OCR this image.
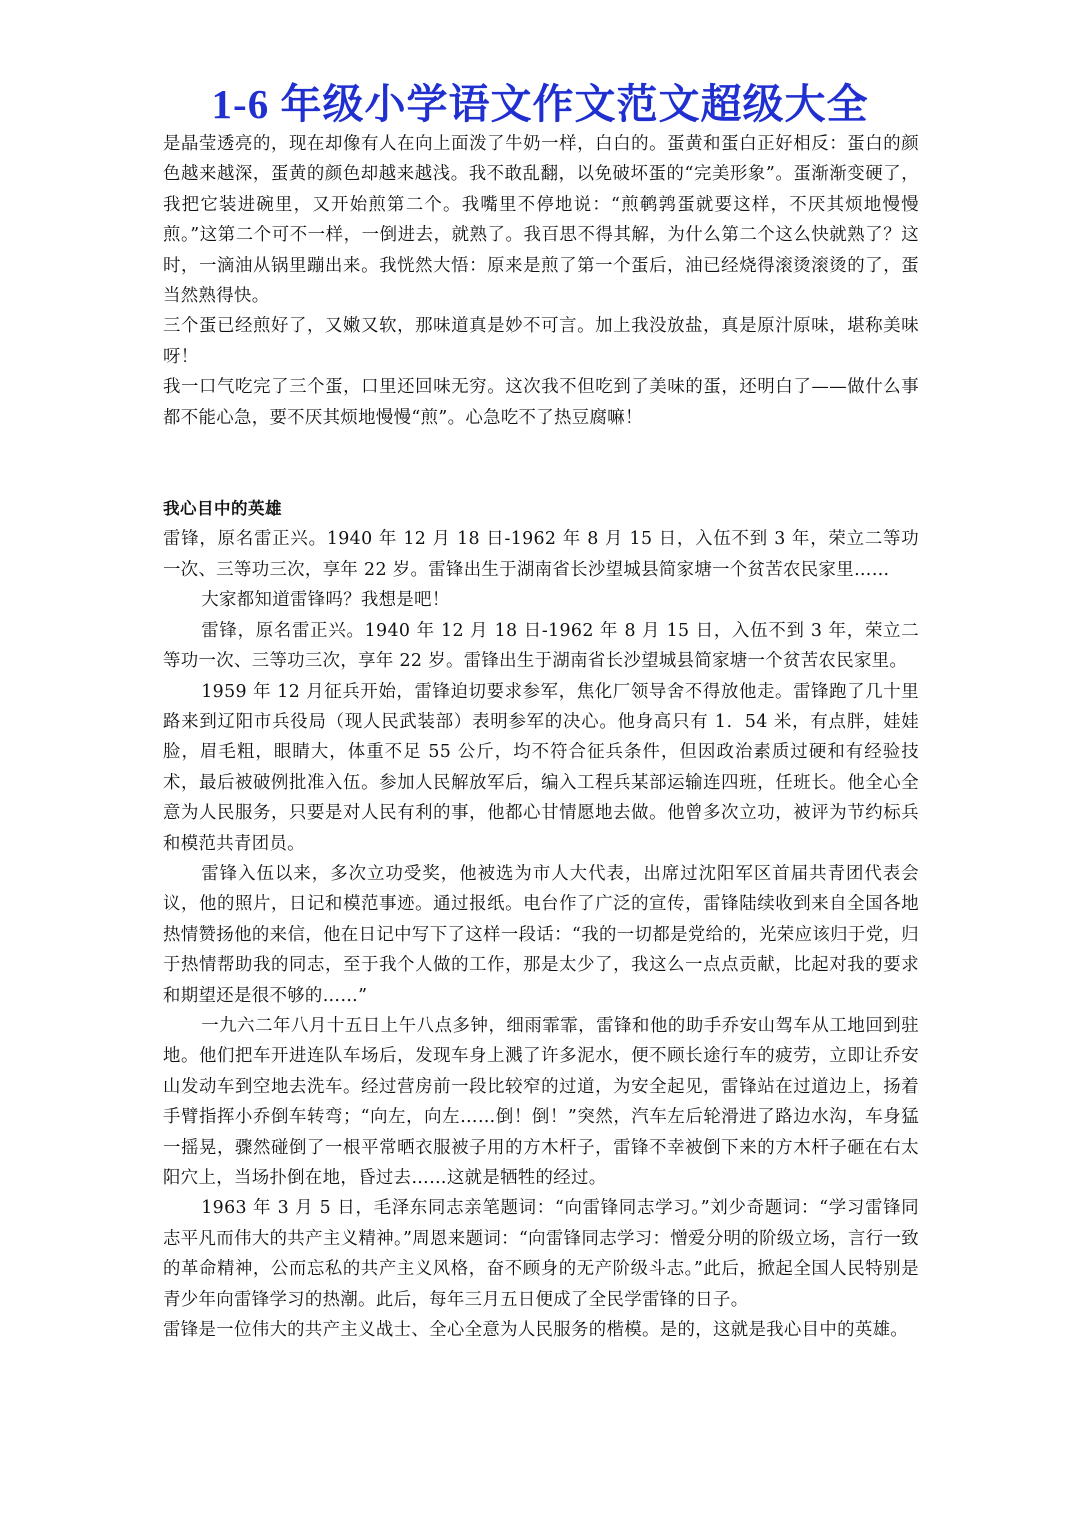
1-6 年级小学语文作文范文超级大全

是晶莹透亮的，现在却像有人在向上面泼了牛奶一样，白白的。蛋黄和蛋白正好相反：蛋白的颜色越来越深，蛋黄的颜色却越来越浅。我不敢乱翻，以免破坏蛋的“完美形象”。蛋渐渐变硬了，我把它装进碗里，又开始煎第二个。我嘴里不停地说：“煎鹌鹑蛋就要这样，不厌其烦地慢慢煎。”这第二个可不一样，一倒进去，就熟了。我百思不得其解，为什么第二个这么快就熟了？这时，一滴油从锅里蹦出来。我恍然大悟：原来是煎了第一个蛋后，油已经烧得滚烫滚烫的了，蛋当然熟得快。

三个蛋已经煎好了，又嫩又软，那味道真是妙不可言。加上我没放盐，真是原汁原味，堪称美味呀！

我一口气吃完了三个蛋，口里还回味无穷。这次我不但吃到了美味的蛋，还明白了——做什么事都不能心急，要不厌其烦地慢慢“煎”。心急吃不了热豆腐嘛！

我心目中的英雄

雷锋，原名雷正兴。1940 年 12 月 18 日-1962 年 8 月 15 日，入伍不到 3 年，荣立二等功一次、三等功三次，享年 22 岁。雷锋出生于湖南省长沙望城县简家塘一个贫苦农民家里……

大家都知道雷锋吗？我想是吧！

雷锋，原名雷正兴。1940 年 12 月 18 日-1962 年 8 月 15 日，入伍不到 3 年，荣立二等功一次、三等功三次，享年 22 岁。雷锋出生于湖南省长沙望城县简家塘一个贫苦农民家里。

1959 年 12 月征兵开始，雷锋迫切要求参军，焦化厂领导舍不得放他走。雷锋跑了几十里路来到辽阳市兵役局（现人民武装部）表明参军的决心。他身高只有 1．54 米，有点胖，娃娃脸，眉毛粗，眼睛大，体重不足 55 公斤，均不符合征兵条件，但因政治素质过硬和有经验技术，最后被破例批准入伍。参加人民解放军后，编入工程兵某部运输连四班，任班长。他全心全意为人民服务，只要是对人民有利的事，他都心甘情愿地去做。他曾多次立功，被评为节约标兵和模范共青团员。

雷锋入伍以来，多次立功受奖，他被选为市人大代表，出席过沈阳军区首届共青团代表会议，他的照片，日记和模范事迹。通过报纸。电台作了广泛的宣传，雷锋陆续收到来自全国各地热情赞扬他的来信，他在日记中写下了这样一段话：“我的一切都是党给的，光荣应该归于党，归于热情帮助我的同志，至于我个人做的工作，那是太少了，我这么一点点贡献，比起对我的要求和期望还是很不够的……”

一九六二年八月十五日上午八点多钟，细雨霏霏，雷锋和他的助手乔安山驾车从工地回到驻地。他们把车开进连队车场后，发现车身上溅了许多泥水，便不顾长途行车的疲劳，立即让乔安山发动车到空地去洗车。经过营房前一段比较窄的过道，为安全起见，雷锋站在过道边上，扬着手臂指挥小乔倒车转弯；“向左，向左……倒！倒！”突然，汽车左后轮滑进了路边水沟，车身猛一摇晃，骤然碰倒了一根平常晒衣服被子用的方木杆子，雷锋不幸被倒下来的方木杆子砸在右太阳穴上，当场扑倒在地，昏过去……这就是牺牲的经过。

1963 年 3 月 5 日，毛泽东同志亲笔题词：“向雷锋同志学习。”刘少奇题词：“学习雷锋同志平凡而伟大的共产主义精神。”周恩来题词：“向雷锋同志学习：憎爱分明的阶级立场，言行一致的革命精神，公而忘私的共产主义风格，奋不顾身的无产阶级斗志。”此后，掀起全国人民特别是青少年向雷锋学习的热潮。此后，每年三月五日便成了全民学雷锋的日子。

雷锋是一位伟大的共产主义战士、全心全意为人民服务的楷模。是的，这就是我心目中的英雄。
